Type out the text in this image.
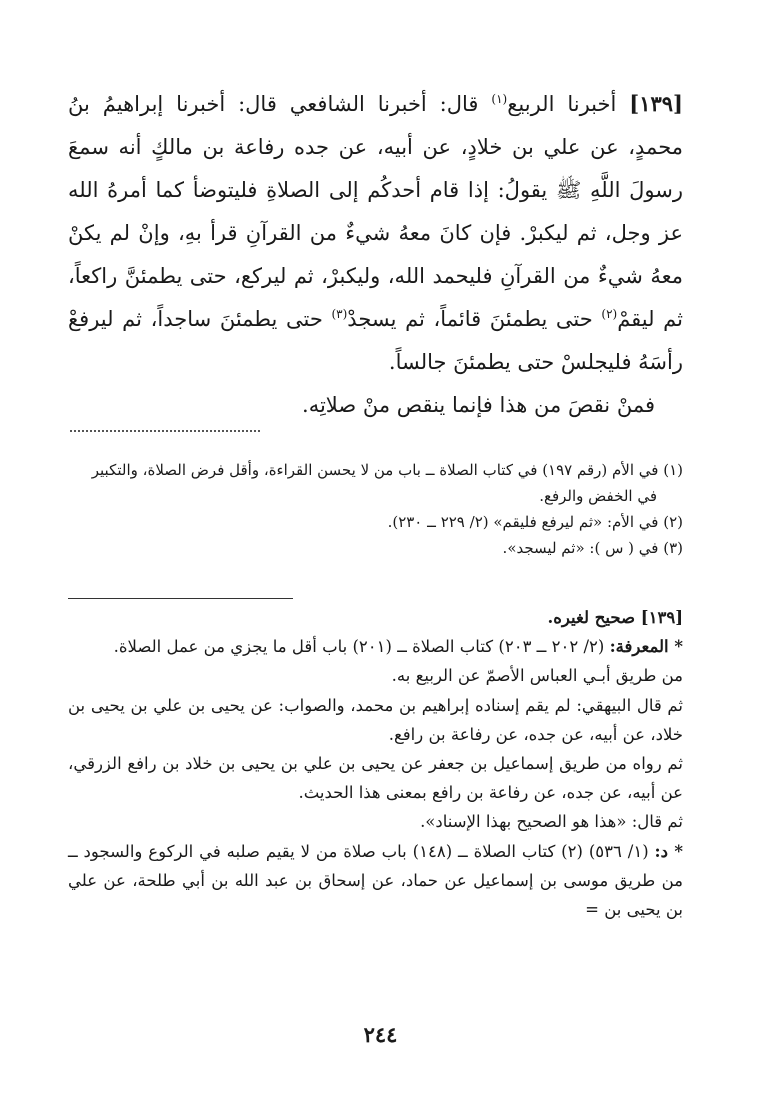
[١٣٩] أخبرنا الربيع$^{(١)}$ قال: أخبرنا الشافعي قال: أخبرنا إبراهيمُ بنُ محمدٍ، عن علي بن خلادٍ، عن أبيه، عن جده رفاعة بن مالكٍ أنه سمعَ رسولَ اللَّهِ ﷺ يقولُ: إذا قام أحدكُم إلى الصلاةِ فليتوضأ كما أمرهُ الله عز وجل، ثم ليكبرْ. فإن كانَ معهُ شيءٌ من القرآنِ قرأ بهِ، وإنْ لم يكنْ معهُ شيءٌ من القرآنِ فليحمد الله، وليكبرْ، ثم ليركع، حتى يطمئنَّ راكعاً، ثم ليقمْ$^{(٢)}$ حتى يطمئنَ قائماً، ثم يسجدْ$^{(٣)}$ حتى يطمئنَ ساجداً، ثم ليرفعْ رأسَهُ فليجلسْ حتى يطمئنَ جالساً.

فمنْ نقصَ من هذا فإنما ينقص منْ صلاتِه.

(١) في الأم (رقم ١٩٧) في كتاب الصلاة ــ باب من لا يحسن القراءة، وأقل فرض الصلاة، والتكبير

في الخفض والرفع.

(٢) في الأم: «ثم ليرفع فليقم» (٢/ ٢٢٩ ــ ٢٣٠).

(٣) في ( س ): «ثم ليسجد».

[١٣٩] صحيح لغيره.

* المعرفة: (٢/ ٢٠٢ ــ ٢٠٣) كتاب الصلاة ــ (٢٠١) باب أقل ما يجزي من عمل الصلاة.

من طريق أبـي العباس الأصمّ عن الربيع به.

ثم قال البيهقي: لم يقم إسناده إبراهيم بن محمد، والصواب: عن يحيى بن علي بن يحيى بن خلاد، عن أبيه، عن جده، عن رفاعة بن رافع.

ثم رواه من طريق إسماعيل بن جعفر عن يحيى بن علي بن يحيى بن خلاد بن رافع الزرقي، عن أبيه، عن جده، عن رفاعة بن رافع بمعنى هذا الحديث.

ثم قال: «هذا هو الصحيح بهذا الإسناد».

* د: (١/ ٥٣٦) (٢) كتاب الصلاة ــ (١٤٨) باب صلاة من لا يقيم صلبه في الركوع والسجود ــ من طريق موسى بن إسماعيل عن حماد، عن إسحاق بن عبد الله بن أبي طلحة، عن علي بن يحيى بن =

٢٤٤
